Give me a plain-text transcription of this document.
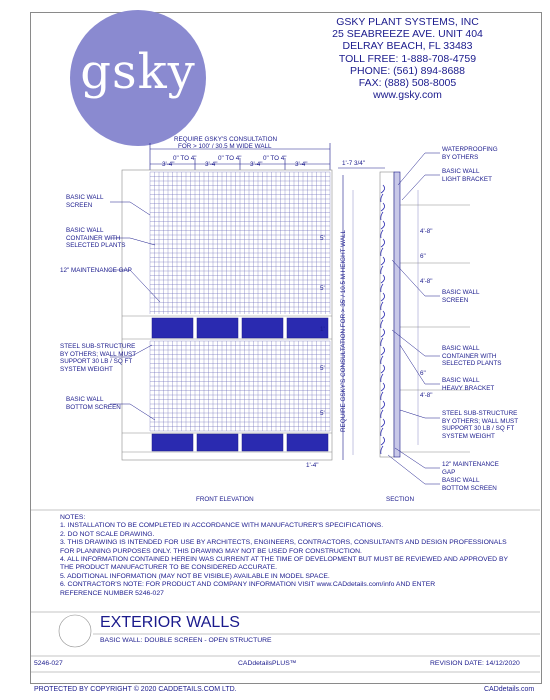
gsky
GSKY PLANT SYSTEMS, INC
25 SEABREEZE AVE. UNIT 404
DELRAY BEACH, FL 33483
TOLL FREE: 1-888-708-4759
PHONE: (561) 894-8688
FAX: (888) 508-8005
www.gsky.com
REQUIRE GSKY'S CONSULTATION
FOR > 100' / 30.5 M WIDE WALL
0" TO 4"	0" TO 4"	0" TO 4"
3'-4"	3'-4"	3'-4"	3'-4"
BASIC WALL
SCREEN
BASIC WALL
CONTAINER WITH
SELECTED PLANTS
12" MAINTENANCE GAP
STEEL SUB-STRUCTURE
BY OTHERS; WALL MUST
SUPPORT 30 LB / SQ FT
SYSTEM WEIGHT
BASIC WALL
BOTTOM SCREEN
FRONT ELEVATION
1'-7 3/4"
REQUIRE GSKY'S CONSULTATION FOR > 35' / 10.5 M HEIGHT WALL
5'
5'
1'
5'
5'
1'-4"
4'-8"
6"
4'-8"
6"
4'-8"
WATERPROOFING
BY OTHERS
BASIC WALL
LIGHT BRACKET
BASIC WALL
SCREEN
BASIC WALL
CONTAINER WITH
SELECTED PLANTS
BASIC WALL
HEAVY BRACKET
STEEL SUB-STRUCTURE
BY OTHERS; WALL MUST
SUPPORT 30 LB / SQ FT
SYSTEM WEIGHT
12" MAINTENANCE
GAP
BASIC WALL
BOTTOM SCREEN
SECTION
NOTES:
1. INSTALLATION TO BE COMPLETED IN ACCORDANCE WITH MANUFACTURER'S SPECIFICATIONS.
2. DO NOT SCALE DRAWING.
3. THIS DRAWING IS INTENDED FOR USE BY ARCHITECTS, ENGINEERS, CONTRACTORS, CONSULTANTS AND DESIGN PROFESSIONALS
FOR PLANNING PURPOSES ONLY. THIS DRAWING MAY NOT BE USED FOR CONSTRUCTION.
4. ALL INFORMATION CONTAINED HEREIN WAS CURRENT AT THE TIME OF DEVELOPMENT BUT MUST BE REVIEWED AND APPROVED BY
THE PRODUCT MANUFACTURER TO BE CONSIDERED ACCURATE.
5. ADDITIONAL INFORMATION (MAY NOT BE VISIBLE) AVAILABLE IN MODEL SPACE.
6. CONTRACTOR'S NOTE: FOR PRODUCT AND COMPANY INFORMATION VISIT www.CADdetails.com/info AND ENTER
REFERENCE NUMBER 5246-027
EXTERIOR WALLS
BASIC WALL: DOUBLE SCREEN - OPEN STRUCTURE
5246-027	CADdetailsPLUS™	REVISION DATE: 14/12/2020
PROTECTED BY COPYRIGHT © 2020 CADDETAILS.COM LTD.	CADdetails.com
